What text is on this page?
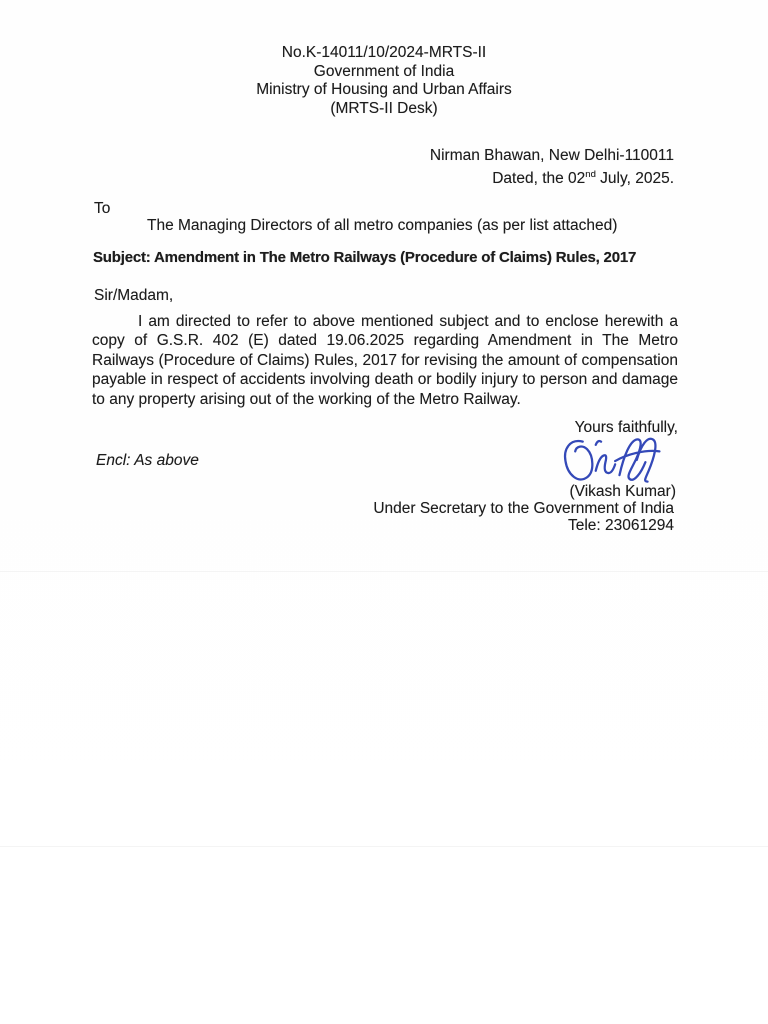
No.K-14011/10/2024-MRTS-II
Government of India
Ministry of Housing and Urban Affairs
(MRTS-II Desk)
Nirman Bhawan, New Delhi-110011
Dated, the 02nd July, 2025.
To
The Managing Directors of all metro companies (as per list attached)
Subject: Amendment in The Metro Railways (Procedure of Claims) Rules, 2017
Sir/Madam,
I am directed to refer to above mentioned subject and to enclose herewith a copy of G.S.R. 402 (E) dated 19.06.2025 regarding Amendment in The Metro Railways (Procedure of Claims) Rules, 2017 for revising the amount of compensation payable in respect of accidents involving death or bodily injury to person and damage to any property arising out of the working of the Metro Railway.
Yours faithfully,
Encl: As above
(Vikash Kumar)
Under Secretary to the Government of India
Tele: 23061294
